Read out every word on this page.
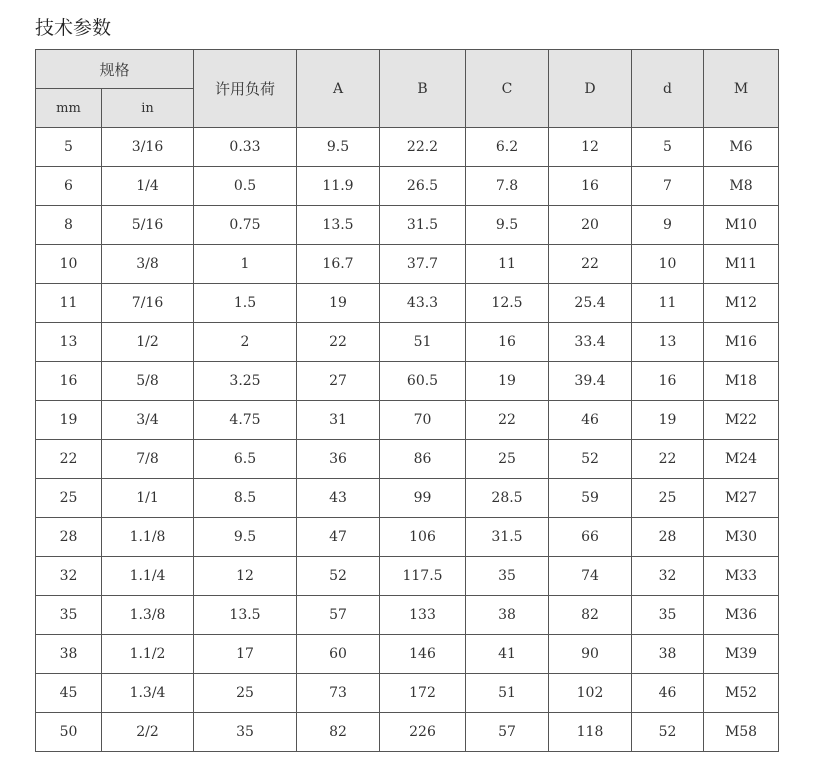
技术参数
规格		许用负荷	A	B	C	D	d	M
mm	in							
5	3/16	0.33	9.5	22.2	6.2	12	5	M6
6	1/4	0.5	11.9	26.5	7.8	16	7	M8
8	5/16	0.75	13.5	31.5	9.5	20	9	M10
10	3/8	1	16.7	37.7	11	22	10	M11
11	7/16	1.5	19	43.3	12.5	25.4	11	M12
13	1/2	2	22	51	16	33.4	13	M16
16	5/8	3.25	27	60.5	19	39.4	16	M18
19	3/4	4.75	31	70	22	46	19	M22
22	7/8	6.5	36	86	25	52	22	M24
25	1/1	8.5	43	99	28.5	59	25	M27
28	1.1/8	9.5	47	106	31.5	66	28	M30
32	1.1/4	12	52	117.5	35	74	32	M33
35	1.3/8	13.5	57	133	38	82	35	M36
38	1.1/2	17	60	146	41	90	38	M39
45	1.3/4	25	73	172	51	102	46	M52
50	2/2	35	82	226	57	118	52	M58
